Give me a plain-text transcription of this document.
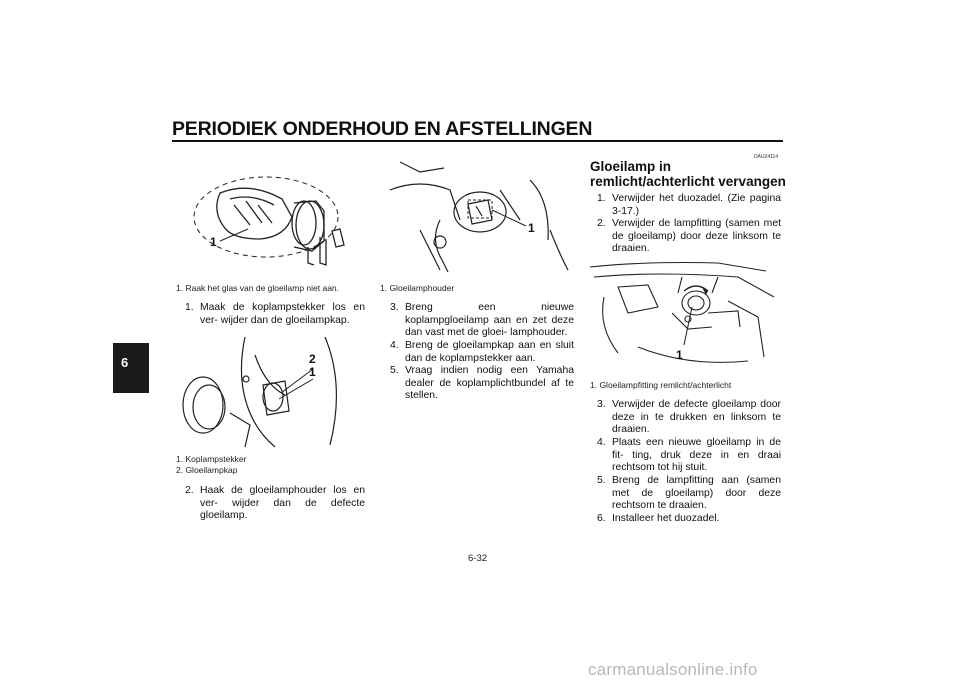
PERIODIEK ONDERHOUD EN AFSTELLINGEN
6
1
1. Raak het glas van de gloeilamp niet aan.
1. Maak de koplampstekker los en ver- wijder dan de gloeilampkap.
2
1
1. Koplampstekker
2. Gloeilampkap
2. Haak de gloeilamphouder los en ver- wijder dan de defecte gloeilamp.
1
1. Gloeilamphouder
3. Breng een nieuwe koplampgloeilamp aan en zet deze dan vast met de gloei- lamphouder.
4. Breng de gloeilampkap aan en sluit dan de koplampstekker aan.
5. Vraag indien nodig een Yamaha dealer de koplamplichtbundel af te stellen.
DAU24114
Gloeilamp in remlicht/achterlicht vervangen
1. Verwijder het duozadel. (Zie pagina 3-17.)
2. Verwijder de lampfitting (samen met de gloeilamp) door deze linksom te draaien.
1
1. Gloeilampfitting remlicht/achterlicht
3. Verwijder de defecte gloeilamp door deze in te drukken en linksom te draaien.
4. Plaats een nieuwe gloeilamp in de fit- ting, druk deze in en draai rechtsom tot hij stuit.
5. Breng de lampfitting aan (samen met de gloeilamp) door deze rechtsom te draaien.
6. Installeer het duozadel.
6-32
carmanualsonline.info
